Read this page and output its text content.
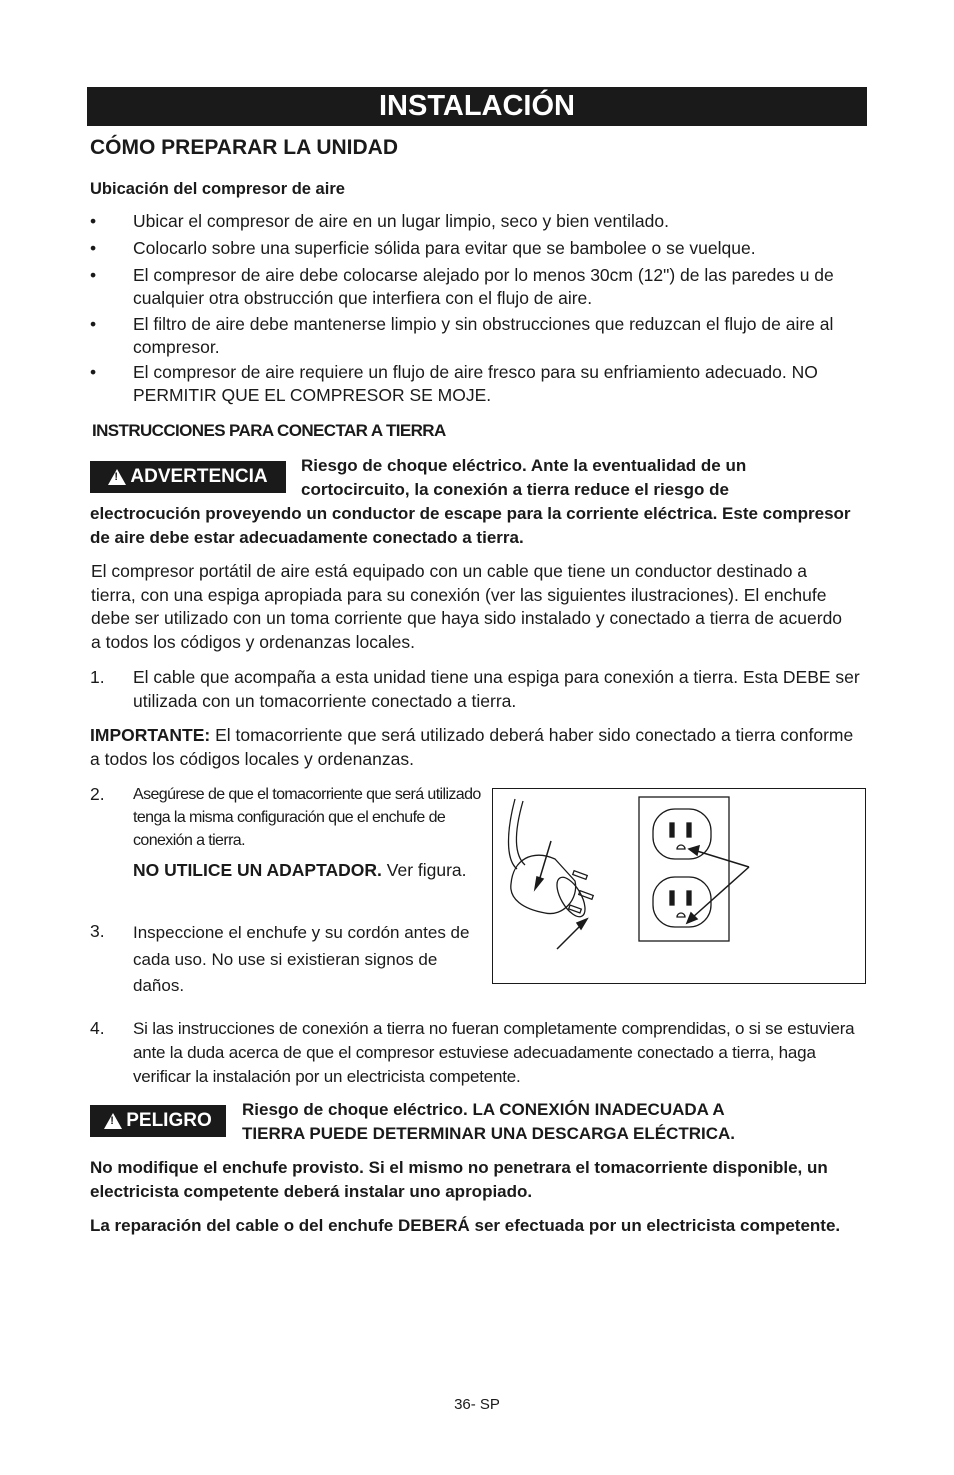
INSTALACIÓN
CÓMO PREPARAR LA UNIDAD
Ubicación del compresor de aire
• Ubicar el compresor de aire en un lugar limpio, seco y bien ventilado.
• Colocarlo sobre una superficie sólida para evitar que se bambolee o se vuelque.
• El compresor de aire debe colocarse alejado por lo menos 30cm (12") de las paredes u de cualquier otra obstrucción que interfiera con el flujo de aire.
• El filtro de aire debe mantenerse limpio y sin obstrucciones que reduzcan el flujo de aire al compresor.
• El compresor de aire requiere un flujo de aire fresco para su enfriamiento adecuado. NO PERMITIR QUE EL COMPRESOR SE MOJE.
INSTRUCCIONES PARA CONECTAR A TIERRA
!
ADVERTENCIA
Riesgo de choque eléctrico. Ante la eventualidad de un
cortocircuito, la conexión a tierra reduce el riesgo de
electrocución proveyendo un conductor de escape para la corriente eléctrica. Este compresor de aire debe estar adecuadamente conectado a tierra.
El compresor portátil de aire está equipado con un cable que tiene un conductor destinado a tierra, con una espiga apropiada para su conexión (ver las siguientes ilustraciones). El enchufe debe ser utilizado con un toma corriente que haya sido instalado y conectado a tierra de acuerdo a todos los códigos y ordenanzas locales.
1. El cable que acompaña a esta unidad tiene una espiga para conexión a tierra. Esta DEBE ser utilizada con un tomacorriente conectado a tierra.
IMPORTANTE: El tomacorriente que será utilizado deberá haber sido conectado a tierra conforme a todos los códigos locales y ordenanzas.
2. Asegúrese de que el tomacorriente que será utilizado tenga la misma configuración que el enchufe de conexión a tierra.
NO UTILICE UN ADAPTADOR. Ver figura.
3. Inspeccione el enchufe y su cordón antes de cada uso. No use si existieran signos de daños.
4. Si las instrucciones de conexión a tierra no fueran completamente comprendidas, o si se estuviera ante la duda acerca de que el compresor estuviese adecuadamente conectado a tierra, haga verificar la instalación por un electricista competente.
!
PELIGRO
Riesgo de choque eléctrico. LA CONEXIÓN INADECUADA A
TIERRA PUEDE DETERMINAR UNA DESCARGA ELÉCTRICA.
No modifique el enchufe provisto. Si el mismo no penetrara el tomacorriente disponible, un electricista competente deberá instalar uno apropiado.
La reparación del cable o del enchufe DEBERÁ ser efectuada por un electricista competente.
36- SP
